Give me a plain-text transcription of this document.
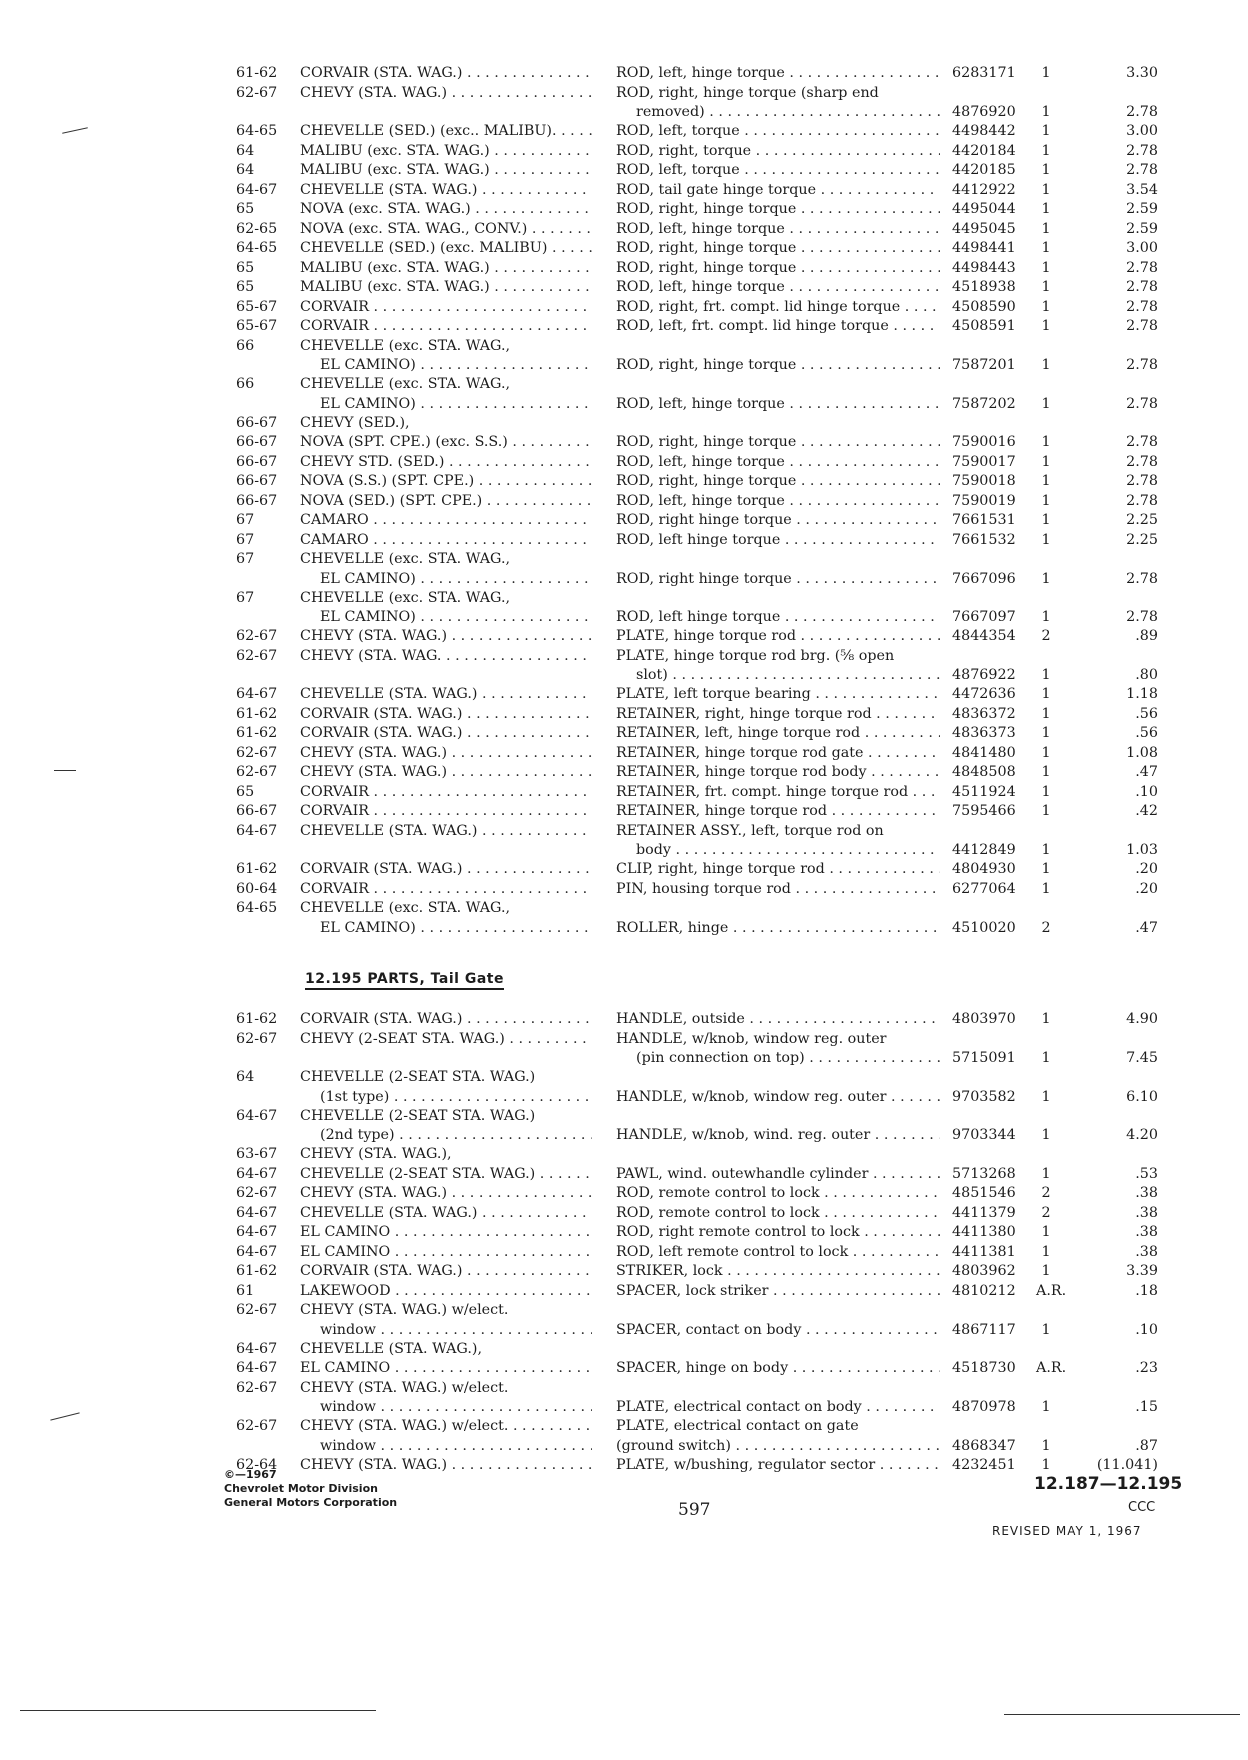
61-62	CORVAIR (STA. WAG.) . . .	ROD, left, hinge torque . . .	6283171	1	3.30
62-67	CHEVY (STA. WAG.) . . .	ROD, right, hinge torque (sharp end
removed) . . .	4876920	1	2.78
64-65	CHEVELLE (SED.) (exc.. MALIBU). . . .	ROD, left, torque . . .	4498442	1	3.00
64	MALIBU (exc. STA. WAG.) . . .	ROD, right, torque . . .	4420184	1	2.78
64	MALIBU (exc. STA. WAG.) . . .	ROD, left, torque . . .	4420185	1	2.78
64-67	CHEVELLE (STA. WAG.) . . .	ROD, tail gate hinge torque . . .	4412922	1	3.54
65	NOVA (exc. STA. WAG.) . . .	ROD, right, hinge torque . . .	4495044	1	2.59
62-65	NOVA (exc. STA. WAG., CONV.) . . .	ROD, left, hinge torque . . .	4495045	1	2.59
64-65	CHEVELLE (SED.) (exc. MALIBU) . . .	ROD, right, hinge torque . . .	4498441	1	3.00
65	MALIBU (exc. STA. WAG.) . . .	ROD, right, hinge torque . . .	4498443	1	2.78
65	MALIBU (exc. STA. WAG.) . . .	ROD, left, hinge torque . . .	4518938	1	2.78
65-67	CORVAIR . . .	ROD, right, frt. compt. lid hinge torque . . .	4508590	1	2.78
65-67	CORVAIR . . .	ROD, left, frt. compt. lid hinge torque . . .	4508591	1	2.78
66	CHEVELLE (exc. STA. WAG.,
EL CAMINO) . . .	ROD, right, hinge torque . . .	7587201	1	2.78
66	CHEVELLE (exc. STA. WAG.,
EL CAMINO) . . .	ROD, left, hinge torque . . .	7587202	1	2.78
66-67	CHEVY (SED.),
66-67	NOVA (SPT. CPE.) (exc. S.S.) . . .	ROD, right, hinge torque . . .	7590016	1	2.78
66-67	CHEVY STD. (SED.) . . .	ROD, left, hinge torque . . .	7590017	1	2.78
66-67	NOVA (S.S.) (SPT. CPE.) . . .	ROD, right, hinge torque . . .	7590018	1	2.78
66-67	NOVA (SED.) (SPT. CPE.) . . .	ROD, left, hinge torque . . .	7590019	1	2.78
67	CAMARO . . .	ROD, right hinge torque . . .	7661531	1	2.25
67	CAMARO . . .	ROD, left hinge torque . . .	7661532	1	2.25
67	CHEVELLE (exc. STA. WAG.,
EL CAMINO) . . .	ROD, right hinge torque . . .	7667096	1	2.78
67	CHEVELLE (exc. STA. WAG.,
EL CAMINO) . . .	ROD, left hinge torque . . .	7667097	1	2.78
62-67	CHEVY (STA. WAG.) . . .	PLATE, hinge torque rod . . .	4844354	2	.89
62-67	CHEVY (STA. WAG. . . .	PLATE, hinge torque rod brg. (⅝ open
slot) . . .	4876922	1	.80
64-67	CHEVELLE (STA. WAG.) . . .	PLATE, left torque bearing . . .	4472636	1	1.18
61-62	CORVAIR (STA. WAG.) . . .	RETAINER, right, hinge torque rod . . .	4836372	1	.56
61-62	CORVAIR (STA. WAG.) . . .	RETAINER, left, hinge torque rod . . .	4836373	1	.56
62-67	CHEVY (STA. WAG.) . . .	RETAINER, hinge torque rod gate . . .	4841480	1	1.08
62-67	CHEVY (STA. WAG.) . . .	RETAINER, hinge torque rod body . . .	4848508	1	.47
65	CORVAIR . . .	RETAINER, frt. compt. hinge torque rod . . .	4511924	1	.10
66-67	CORVAIR . . .	RETAINER, hinge torque rod . . .	7595466	1	.42
64-67	CHEVELLE (STA. WAG.) . . .	RETAINER ASSY., left, torque rod on
body . . .	4412849	1	1.03
61-62	CORVAIR (STA. WAG.) . . .	CLIP, right, hinge torque rod . . .	4804930	1	.20
60-64	CORVAIR . . .	PIN, housing torque rod . . .	6277064	1	.20
64-65	CHEVELLE (exc. STA. WAG.,
EL CAMINO) . . .	ROLLER, hinge . . .	4510020	2	.47
12.195 PARTS, Tail Gate
61-62	CORVAIR (STA. WAG.) . . .	HANDLE, outside . . .	4803970	1	4.90
62-67	CHEVY (2-SEAT STA. WAG.) . . .	HANDLE, w/knob, window reg. outer
(pin connection on top) . . .	5715091	1	7.45
64	CHEVELLE (2-SEAT STA. WAG.)
(1st type) . . .	HANDLE, w/knob, window reg. outer . . .	9703582	1	6.10
64-67	CHEVELLE (2-SEAT STA. WAG.)
(2nd type) . . .	HANDLE, w/knob, wind. reg. outer . . .	9703344	1	4.20
63-67	CHEVY (STA. WAG.),
64-67	CHEVELLE (2-SEAT STA. WAG.) . . .	PAWL, wind. outewhandle cylinder . . .	5713268	1	.53
62-67	CHEVY (STA. WAG.) . . .	ROD, remote control to lock . . .	4851546	2	.38
64-67	CHEVELLE (STA. WAG.) . . .	ROD, remote control to lock . . .	4411379	2	.38
64-67	EL CAMINO . . .	ROD, right remote control to lock . . .	4411380	1	.38
64-67	EL CAMINO . . .	ROD, left remote control to lock . . .	4411381	1	.38
61-62	CORVAIR (STA. WAG.) . . .	STRIKER, lock . . .	4803962	1	3.39
61	LAKEWOOD . . .	SPACER, lock striker . . .	4810212	A.R.	.18
62-67	CHEVY (STA. WAG.) w/elect.
window . . .	SPACER, contact on body . . .	4867117	1	.10
64-67	CHEVELLE (STA. WAG.),
64-67	EL CAMINO . . .	SPACER, hinge on body . . .	4518730	A.R.	.23
62-67	CHEVY (STA. WAG.) w/elect.
window . . .	PLATE, electrical contact on body . . .	4870978	1	.15
62-67	CHEVY (STA. WAG.) w/elect. . . .	PLATE, electrical contact on gate
window . . .	(ground switch) . . .	4868347	1	.87
62-64	CHEVY (STA. WAG.) . . .	PLATE, w/bushing, regulator sector . . .	4232451	1	(11.041)
©—1967
Chevrolet Motor Division
General Motors Corporation	597
12.187—12.195
CCC
REVISED MAY 1, 1967
